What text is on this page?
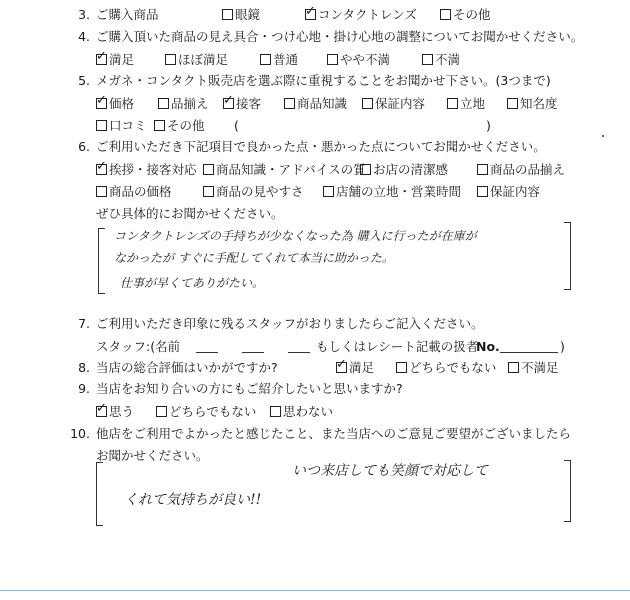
3. ご購入商品	眼鏡	✓ コンタクトレンズ	その他
4. ご購入頂いた商品の見え具合・つけ心地・掛け心地の調整についてお聞かせください。
✓ 満足	ほぼ満足	普通	やや不満	不満
5. メガネ・コンタクト販売店を選ぶ際に重視することをお聞かせ下さい。(3つまで)
✓ 価格	品揃え ✓ 接客	商品知識	保証内容	立地	知名度
口コミ	その他 (	)
6. ご利用いただき下記項目で良かった点・悪かった点についてお聞かせください。
✓ 挨拶・接客対応	商品知識・アドバイスの質 お店の清潔感	商品の品揃え
商品の価格	商品の見やすさ	店舗の立地・営業時間	保証内容
ぜひ具体的にお聞かせください。
コンタクトレンズの手持ちが少なくなった為 購入に行ったが在庫が
なかったが すぐに手配してくれて本当に助かった。
仕事が早くてありがたい。
7. ご利用いただき印象に残るスタッフがおりましたらご記入ください。
スタッフ:(名前	もしくはレシート記載の扱者
No.	)
8. 当店の総合評価はいかがですか?	✓ 満足	どちらでもない	不満足
9. 当店をお知り合いの方にもご紹介したいと思いますか?
✓ 思う	どちらでもない	思わない
10. 他店をご利用でよかったと感じたこと、また当店へのご意見ご要望がございましたら
お聞かせください。
いつ来店しても笑顔で対応して
くれて気持ちが良い!!
